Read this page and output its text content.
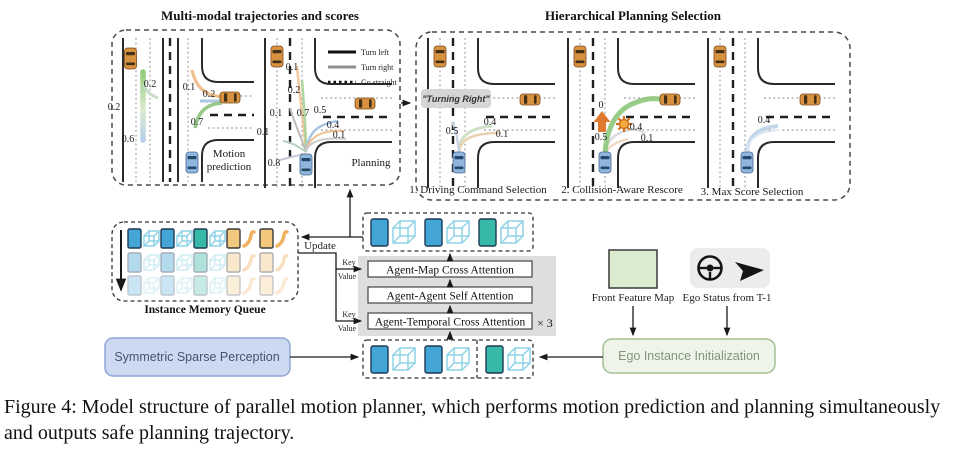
Multi-modal trajectories and scores
0.2
0.2
0.6
0.1
0.2
0.7
Motion
prediction
0.1
0.2
0.1 0.7 0.5
0.4
0.1
0.1
0.8	Planning
Turn left
Turn right
Go straight
Hierarchical Planning Selection
"Turning Right"
0.5
0.4
0.1
1. Driving Command Selection
0
0.5
0.4
0.1
2. Collision-Aware Rescore
0.4
3. Max Score Selection
Instance Memory Queue
Agent-Map Cross Attention
Agent-Agent Self Attention
Agent-Temporal Cross Attention × 3
Update
Key
Value
Key
Value
Symmetric Sparse Perception
Front Feature Map Ego Status from T-1
Ego Instance Initialization
Figure 4: Model structure of parallel motion planner, which performs motion prediction and planning simultaneously and outputs safe planning trajectory.
